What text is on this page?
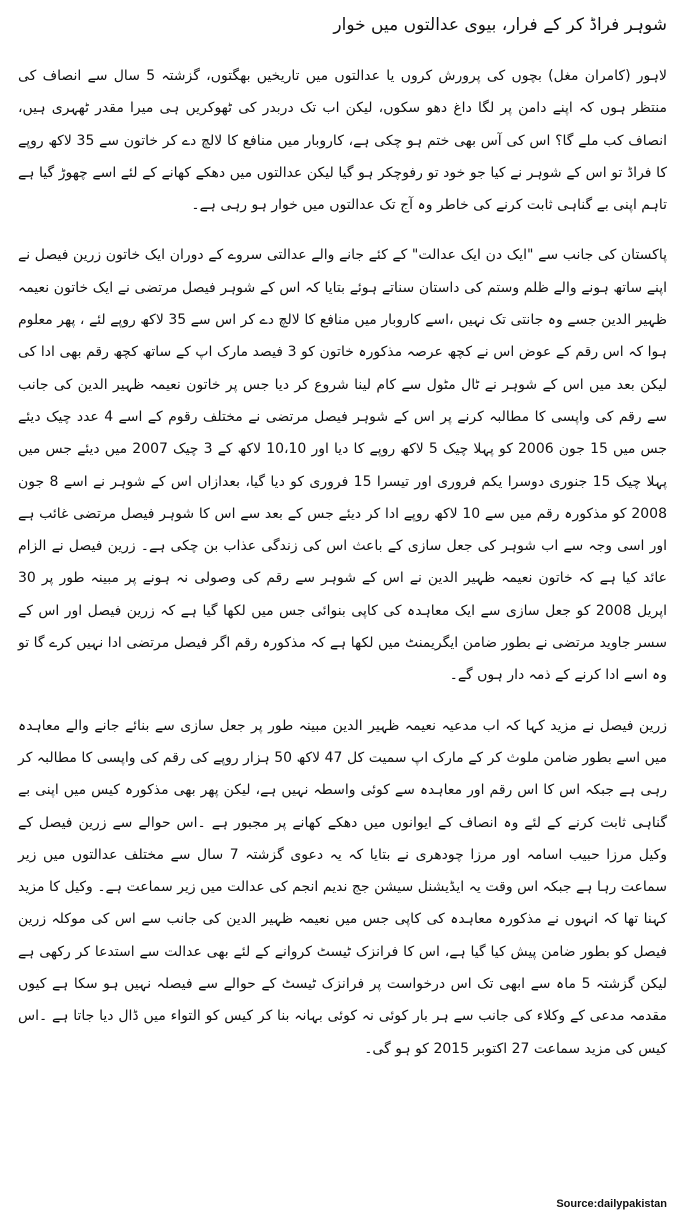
شوہر فراڈ کر کے فرار، بیوی عدالتوں میں خوار

لاہور (کامران مغل) بچوں کی پرورش کروں یا عدالتوں میں تاریخیں بھگتوں، گزشتہ 5 سال سے انصاف کی منتظر ہوں کہ اپنے دامن پر لگا داغ دھو سکوں، لیکن اب تک دربدر کی ٹھوکریں ہی میرا مقدر ٹھہری ہیں، انصاف کب ملے گا؟ اس کی آس بھی ختم ہو چکی ہے، کاروبار میں منافع کا لالچ دے کر خاتون سے 35 لاکھ روپے کا فراڈ تو اس کے شوہر نے کیا جو خود تو رفوچکر ہو گیا لیکن عدالتوں میں دھکے کھانے کے لئے اسے چھوڑ گیا ہے تاہم اپنی بے گناہی ثابت کرنے کی خاطر وہ آج تک عدالتوں میں خوار ہو رہی ہے۔

پاکستان کی جانب سے "ایک دن ایک عدالت" کے کئے جانے والے عدالتی سروے کے دوران ایک خاتون زرین فیصل نے اپنے ساتھ ہونے والے ظلم وستم کی داستان سناتے ہوئے بتایا کہ اس کے شوہر فیصل مرتضی نے ایک خاتون نعیمہ ظہیر الدین جسے وہ جانتی تک نہیں ،اسے کاروبار میں منافع کا لالچ دے کر اس سے 35 لاکھ روپے لئے ، پھر معلوم ہوا کہ اس رقم کے عوض اس نے کچھ عرصہ مذکورہ خاتون کو 3 فیصد مارک اپ کے ساتھ کچھ رقم بھی ادا کی لیکن بعد میں اس کے شوہر نے ٹال مٹول سے کام لینا شروع کر دیا جس پر خاتون نعیمہ ظہیر الدین کی جانب سے رقم کی واپسی کا مطالبہ کرنے پر اس کے شوہر فیصل مرتضی نے مختلف رقوم کے اسے 4 عدد چیک دیئے جس میں 15 جون 2006 کو پہلا چیک 5 لاکھ روپے کا دیا اور 10،10 لاکھ کے 3 چیک 2007 میں دیئے جس میں پہلا چیک 15 جنوری دوسرا یکم فروری اور تیسرا 15 فروری کو دیا گیا، بعدازاں اس کے شوہر نے اسے 8 جون 2008 کو مذکورہ رقم میں سے 10 لاکھ روپے ادا کر دیئے جس کے بعد سے اس کا شوہر فیصل مرتضی غائب ہے اور اسی وجہ سے اب شوہر کی جعل سازی کے باعث اس کی زندگی عذاب بن چکی ہے۔ زرین فیصل نے الزام عائد کیا ہے کہ خاتون نعیمہ ظہیر الدین نے اس کے شوہر سے رقم کی وصولی نہ ہونے پر مبینہ طور پر 30 اپریل 2008 کو جعل سازی سے ایک معاہدہ کی کاپی بنوائی جس میں لکھا گیا ہے کہ زرین فیصل اور اس کے سسر جاوید مرتضی نے بطور ضامن ایگریمنٹ میں لکھا ہے کہ مذکورہ رقم اگر فیصل مرتضی ادا نہیں کرے گا تو وہ اسے ادا کرنے کے ذمہ دار ہوں گے۔

زرین فیصل نے مزید کہا کہ اب مدعیہ نعیمہ ظہیر الدین مبینہ طور پر جعل سازی سے بنائے جانے والے معاہدہ میں اسے بطور ضامن ملوث کر کے مارک اپ سمیت کل 47 لاکھ 50 ہزار روپے کی رقم کی واپسی کا مطالبہ کر رہی ہے جبکہ اس کا اس رقم اور معاہدہ سے کوئی واسطہ نہیں ہے، لیکن پھر بھی مذکورہ کیس میں اپنی بے گناہی ثابت کرنے کے لئے وہ انصاف کے ایوانوں میں دھکے کھانے پر مجبور ہے ۔اس حوالے سے زرین فیصل کے وکیل مرزا حبیب اسامہ اور مرزا چودھری نے بتایا کہ یہ دعوی گزشتہ 7 سال سے مختلف عدالتوں میں زیر سماعت رہا ہے جبکہ اس وقت یہ ایڈیشنل سیشن جج ندیم انجم کی عدالت میں زیر سماعت ہے۔ وکیل کا مزید کہنا تھا کہ انہوں نے مذکورہ معاہدہ کی کاپی جس میں نعیمہ ظہیر الدین کی جانب سے اس کی موکلہ زرین فیصل کو بطور ضامن پیش کیا گیا ہے، اس کا فرانزک ٹیسٹ کروانے کے لئے بھی عدالت سے استدعا کر رکھی ہے لیکن گزشتہ 5 ماہ سے ابھی تک اس درخواست پر فرانزک ٹیسٹ کے حوالے سے فیصلہ نہیں ہو سکا ہے کیوں مقدمہ مدعی کے وکلاء کی جانب سے ہر بار کوئی نہ کوئی بہانہ بنا کر کیس کو التواء میں ڈال دیا جاتا ہے ۔اس کیس کی مزید سماعت 27 اکتوبر 2015 کو ہو گی۔

Source:dailypakistan
